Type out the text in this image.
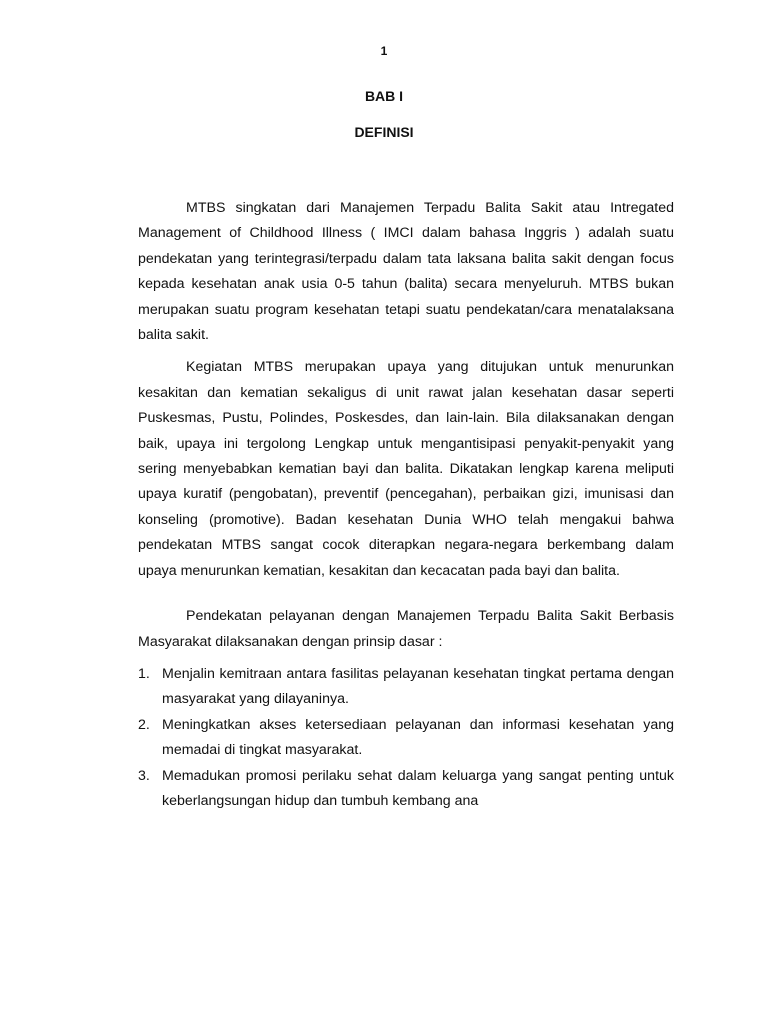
1
BAB I
DEFINISI

MTBS singkatan dari Manajemen Terpadu Balita Sakit atau Intregated Management of Childhood Illness ( IMCI dalam bahasa Inggris ) adalah suatu pendekatan yang terintegrasi/terpadu dalam tata laksana balita sakit dengan focus kepada kesehatan anak usia 0-5 tahun (balita) secara menyeluruh. MTBS bukan merupakan suatu program kesehatan tetapi suatu pendekatan/cara menatalaksana balita sakit.

Kegiatan MTBS merupakan upaya yang ditujukan untuk menurunkan kesakitan dan kematian sekaligus di unit rawat jalan kesehatan dasar seperti Puskesmas, Pustu, Polindes, Poskesdes, dan lain-lain. Bila dilaksanakan dengan baik, upaya ini tergolong Lengkap untuk mengantisipasi penyakit-penyakit yang sering menyebabkan kematian bayi dan balita. Dikatakan lengkap karena meliputi upaya kuratif (pengobatan), preventif (pencegahan), perbaikan gizi, imunisasi dan konseling (promotive). Badan kesehatan Dunia WHO telah mengakui bahwa pendekatan MTBS sangat cocok diterapkan negara-negara berkembang dalam upaya menurunkan kematian, kesakitan dan kecacatan pada bayi dan balita.

Pendekatan pelayanan dengan Manajemen Terpadu Balita Sakit Berbasis Masyarakat dilaksanakan dengan prinsip dasar :

1. Menjalin kemitraan antara fasilitas pelayanan kesehatan tingkat pertama dengan masyarakat yang dilayaninya.
2. Meningkatkan akses ketersediaan pelayanan dan informasi kesehatan yang memadai di tingkat masyarakat.
3. Memadukan promosi perilaku sehat dalam keluarga yang sangat penting untuk keberlangsungan hidup dan tumbuh kembang ana
